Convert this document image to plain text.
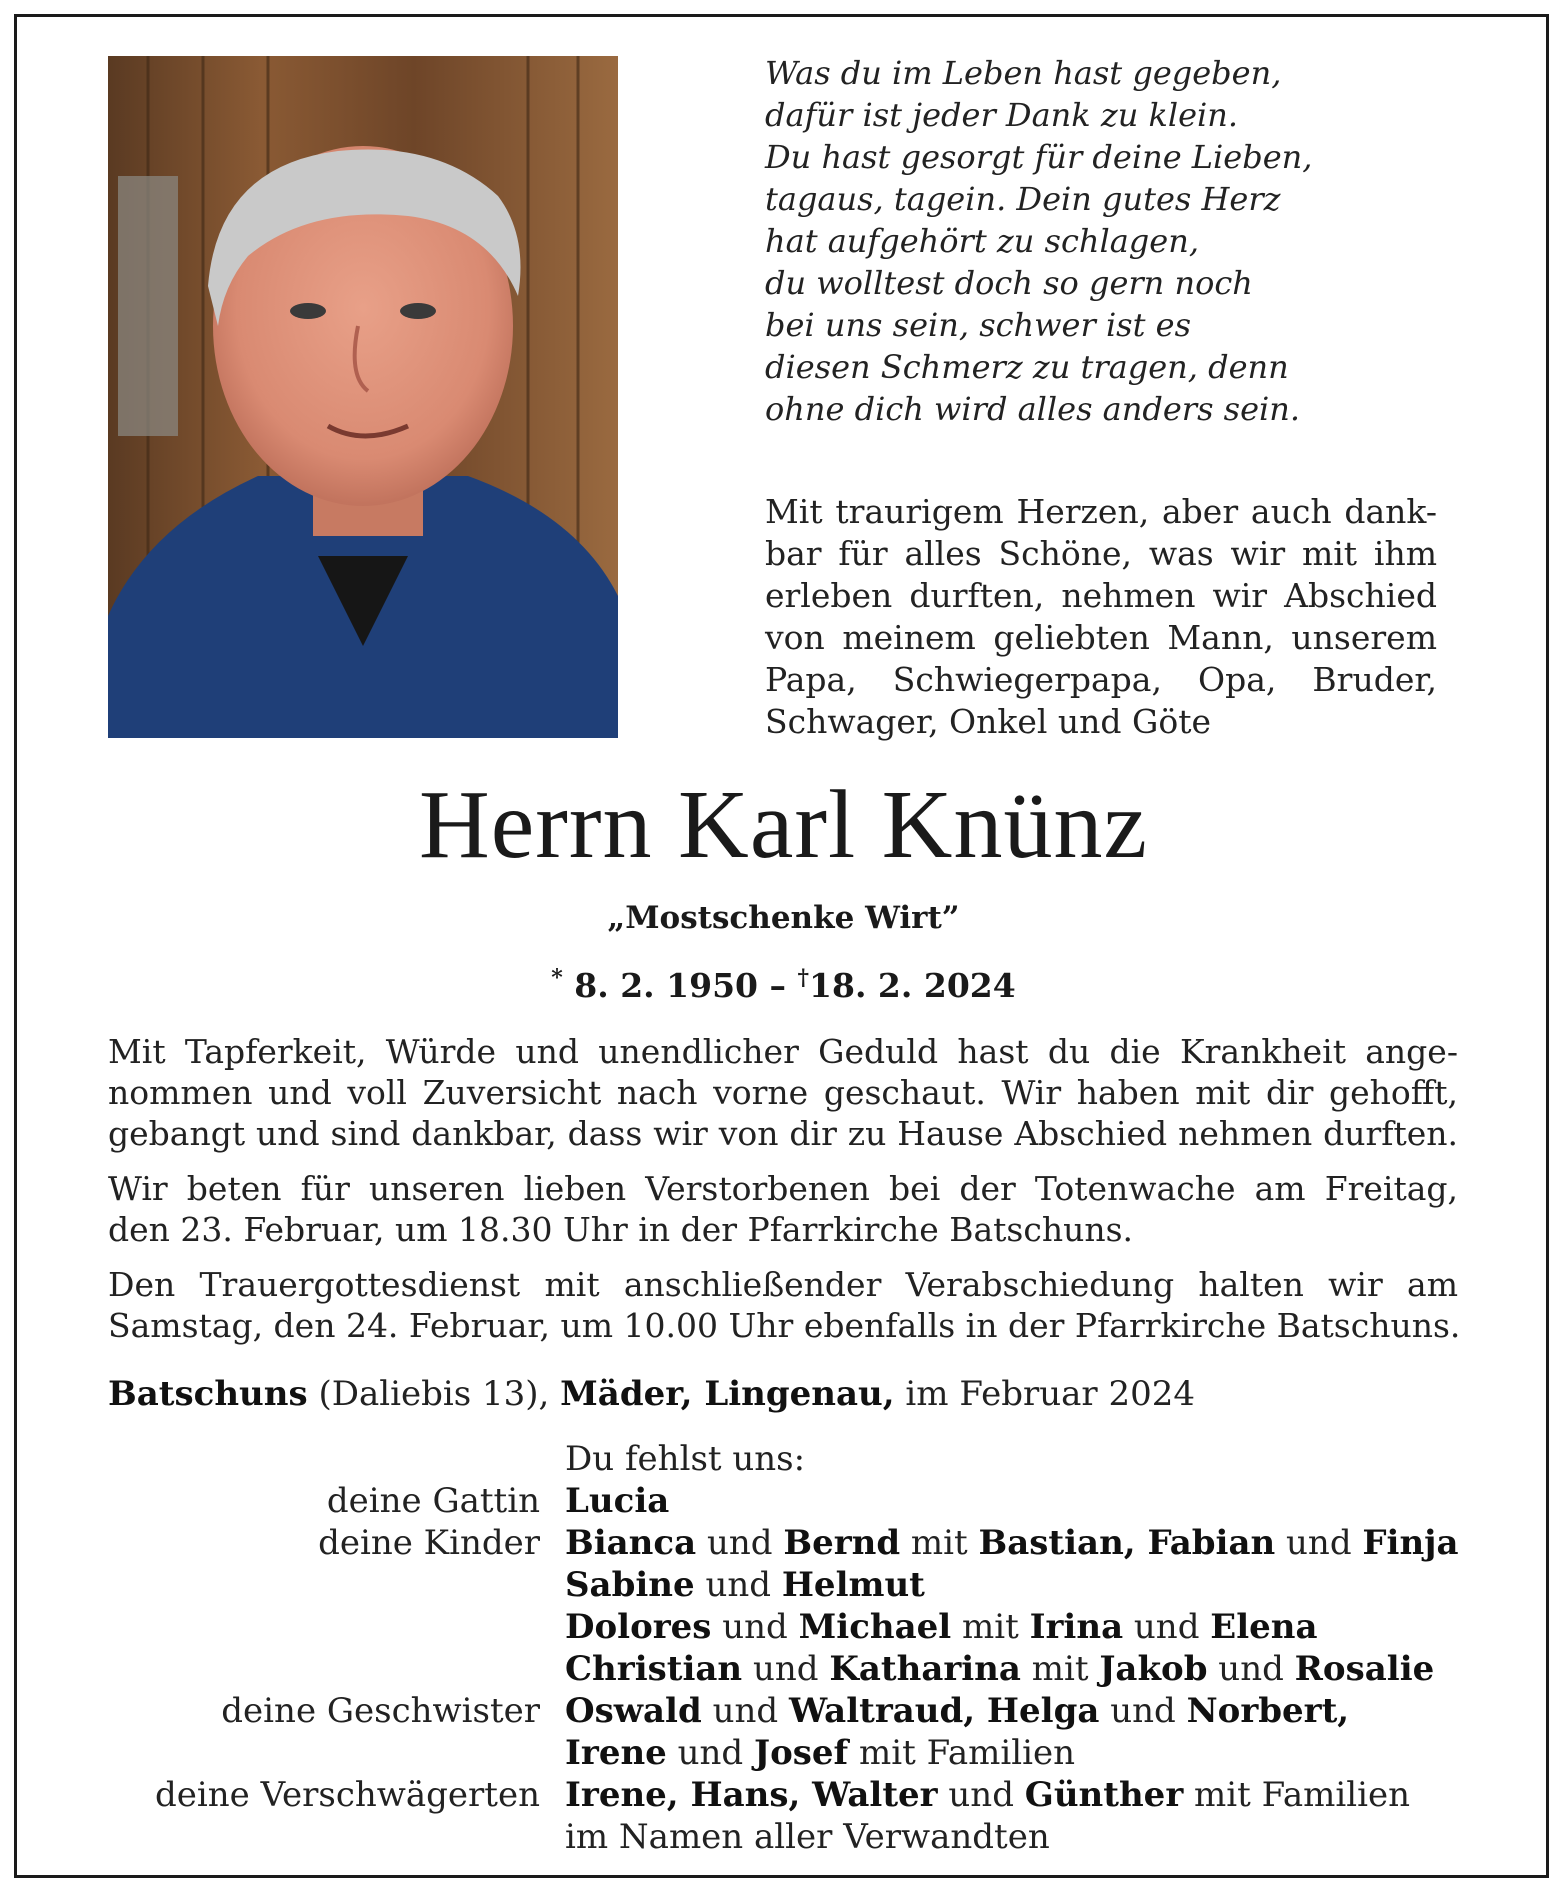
Was du im Leben hast gegeben,
dafür ist jeder Dank zu klein.
Du hast gesorgt für deine Lieben,
tagaus, tagein. Dein gutes Herz
hat aufgehört zu schlagen,
du wolltest doch so gern noch
bei uns sein, schwer ist es
diesen Schmerz zu tragen, denn
ohne dich wird alles anders sein.
Mit traurigem Herzen, aber auch dank-
bar für alles Schöne, was wir mit ihm
erleben durften, nehmen wir Abschied
von meinem geliebten Mann, unserem
Papa, Schwiegerpapa, Opa, Bruder,
Schwager, Onkel und Göte
Herrn Karl Knünz
„Mostschenke Wirt”
* 8. 2. 1950 – †18. 2. 2024
Mit Tapferkeit, Würde und unendlicher Geduld hast du die Krankheit ange-
nommen und voll Zuversicht nach vorne geschaut. Wir haben mit dir gehofft,
gebangt und sind dankbar, dass wir von dir zu Hause Abschied nehmen durften.
Wir beten für unseren lieben Verstorbenen bei der Totenwache am Freitag,
den 23. Februar, um 18.30 Uhr in der Pfarrkirche Batschuns.
Den Trauergottesdienst mit anschließender Verabschiedung halten wir am
Samstag, den 24. Februar, um 10.00 Uhr ebenfalls in der Pfarrkirche Batschuns.
Batschuns (Daliebis 13), Mäder, Lingenau, im Februar 2024
Du fehlst uns:
deine Gattin Lucia
deine Kinder Bianca und Bernd mit Bastian, Fabian und Finja
Sabine und Helmut
Dolores und Michael mit Irina und Elena
Christian und Katharina mit Jakob und Rosalie
deine Geschwister Oswald und Waltraud, Helga und Norbert,
Irene und Josef mit Familien
deine Verschwägerten Irene, Hans, Walter und Günther mit Familien
im Namen aller Verwandten
